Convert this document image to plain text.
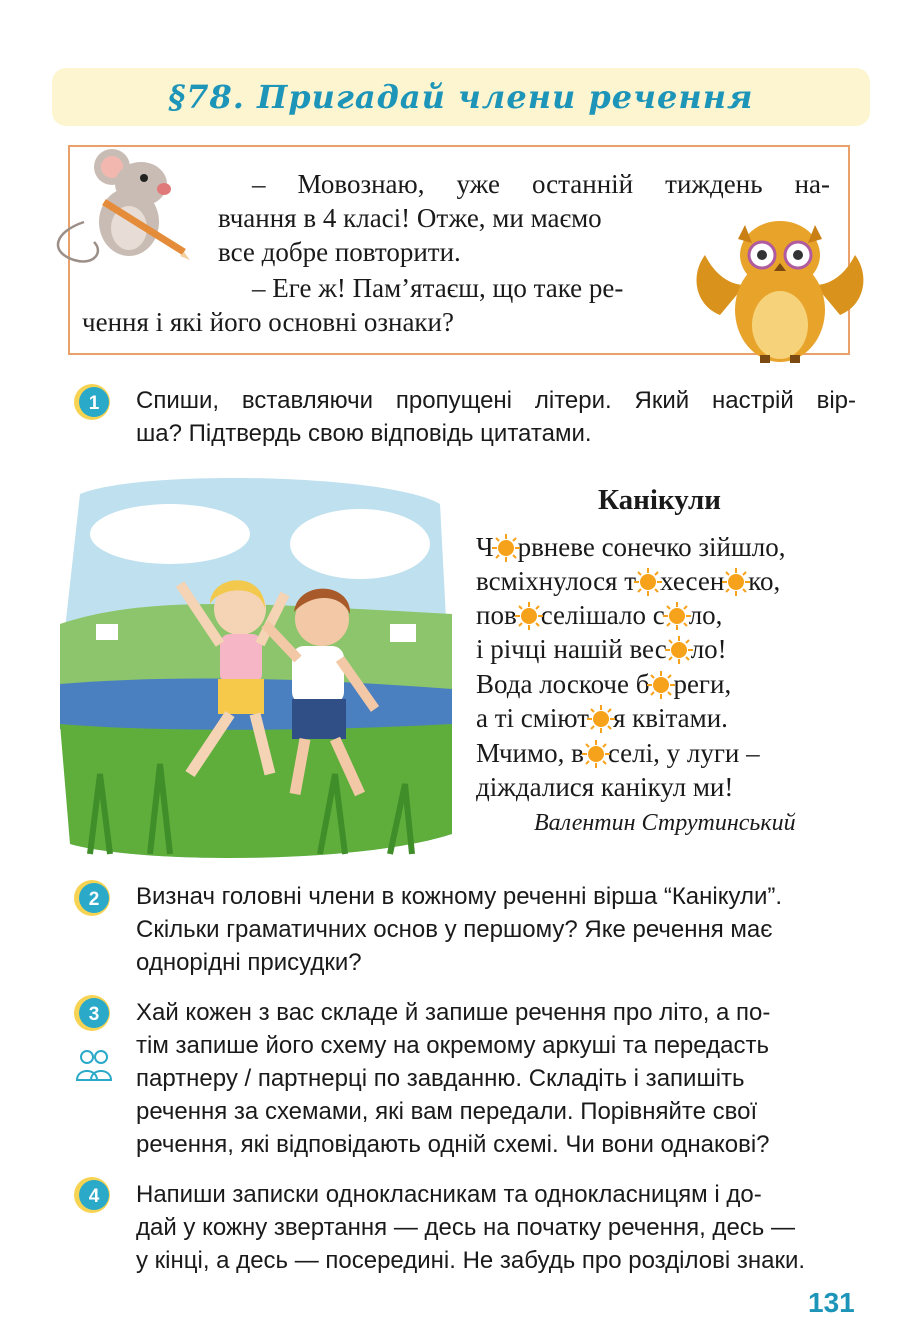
§78. Пригадай члени речення
– Мовознаю, уже останній тиждень на-
вчання в 4 класі! Отже, ми маємо
все добре повторити.
– Еге ж! Пам’ятаєш, що таке ре-
чення і які його основні ознаки?
1 Спиши, вставляючи пропущені літери. Який настрій вір-
ша? Підтвердь свою відповідь цитатами.
Канікули
Ч рвневе сонечко зійшло,
всміхнулося т хесен ко,
пов селішало с ло,
і річці нашій вес ло!
Вода лоскоче б реги,
а ті сміют я квітами.
Мчимо, в селі, у луги –
діждалися канікул ми!
Валентин Струтинський
2 Визнач головні члени в кожному реченні вірша “Канікули”.
Скільки граматичних основ у першому? Яке речення має
однорідні присудки?
3 Хай кожен з вас складе й запише речення про літо, а по-
тім запише його схему на окремому аркуші та передасть
партнеру / партнерці по завданню. Складіть і запишіть
речення за схемами, які вам передали. Порівняйте свої
речення, які відповідають одній схемі. Чи вони однакові?
4 Напиши записки однокласникам та однокласницям і до-
дай у кожну звертання — десь на початку речення, десь —
у кінці, а десь — посередині. Не забудь про розділові знаки.
131
